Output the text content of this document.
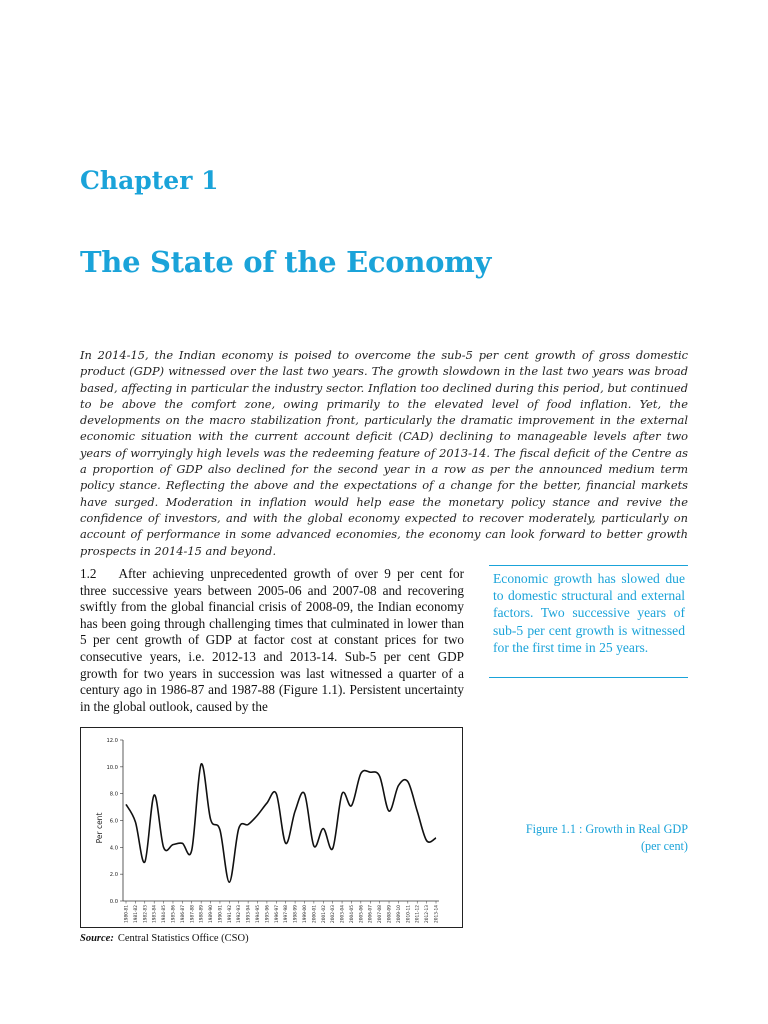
Chapter 1
The State of the Economy

In 2014-15, the Indian economy is poised to overcome the sub-5 per cent growth of gross domestic product (GDP) witnessed over the last two years. The growth slowdown in the last two years was broad based, affecting in particular the industry sector. Inflation too declined during this period, but continued to be above the comfort zone, owing primarily to the elevated level of food inflation. Yet, the developments on the macro stabilization front, particularly the dramatic improvement in the external economic situation with the current account deficit (CAD) declining to manageable levels after two years of worryingly high levels was the redeeming feature of 2013-14. The fiscal deficit of the Centre as a proportion of GDP also declined for the second year in a row as per the announced medium term policy stance. Reflecting the above and the expectations of a change for the better, financial markets have surged. Moderation in inflation would help ease the monetary policy stance and revive the confidence of investors, and with the global economy expected to recover moderately, particularly on account of performance in some advanced economies, the economy can look forward to better growth prospects in 2014-15 and beyond.

1.2 After achieving unprecedented growth of over 9 per cent for three successive years between 2005-06 and 2007-08 and recovering swiftly from the global financial crisis of 2008-09, the Indian economy has been going through challenging times that culminated in lower than 5 per cent growth of GDP at factor cost at constant prices for two consecutive years, i.e. 2012-13 and 2013-14. Sub-5 per cent GDP growth for two years in succession was last witnessed a quarter of a century ago in 1986-87 and 1987-88 (Figure 1.1). Persistent uncertainty in the global outlook, caused by the

Economic growth has slowed due to domestic structural and external factors. Two successive years of sub-5 per cent growth is witnessed for the first time in 25 years.

0.0
2.0
4.0
6.0
8.0
10.0
12.0
1980-81 1981-82 1982-83 1983-84 1984-85 1985-86 1986-87 1987-88 1988-89 1989-90 1990-91 1991-92 1992-93 1993-94 1994-95 1995-96 1996-97 1997-98 1998-99 1999-00 2000-01 2001-02 2002-03 2003-04 2004-05 2005-06 2006-07 2007-08 2008-09 2009-10 2010-11 2011-12 2012-13 2013-14
Per cent	Figure 1.1 : Growth in Real GDP
(per cent)

Source: Central Statistics Office (CSO)
